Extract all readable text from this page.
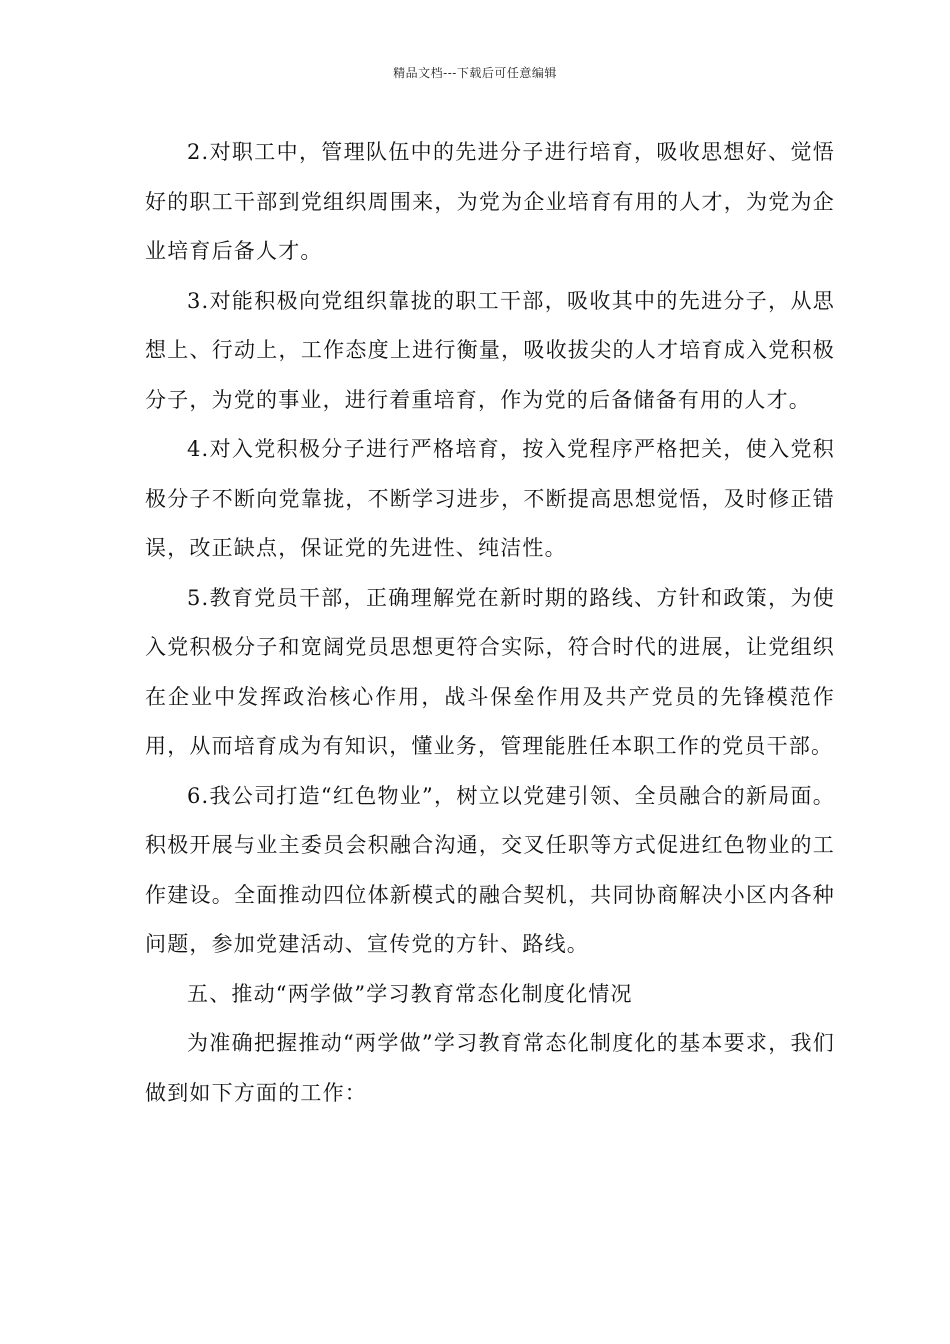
精品文档---下载后可任意编辑

2.对职工中，管理队伍中的先进分子进行培育，吸收思想好、觉悟好的职工干部到党组织周围来，为党为企业培育有用的人才，为党为企业培育后备人才。

3.对能积极向党组织靠拢的职工干部，吸收其中的先进分子，从思想上、行动上，工作态度上进行衡量，吸收拔尖的人才培育成入党积极分子，为党的事业，进行着重培育，作为党的后备储备有用的人才。

4.对入党积极分子进行严格培育，按入党程序严格把关，使入党积极分子不断向党靠拢，不断学习进步，不断提高思想觉悟，及时修正错误，改正缺点，保证党的先进性、纯洁性。

5.教育党员干部，正确理解党在新时期的路线、方针和政策，为使入党积极分子和宽阔党员思想更符合实际，符合时代的进展，让党组织在企业中发挥政治核心作用，战斗保垒作用及共产党员的先锋模范作用，从而培育成为有知识，懂业务，管理能胜任本职工作的党员干部。

6.我公司打造“红色物业”，树立以党建引领、全员融合的新局面。积极开展与业主委员会积融合沟通，交叉任职等方式促进红色物业的工作建设。全面推动四位体新模式的融合契机，共同协商解决小区内各种问题，参加党建活动、宣传党的方针、路线。

五、推动“两学做”学习教育常态化制度化情况

为准确把握推动“两学做”学习教育常态化制度化的基本要求，我们做到如下方面的工作：
